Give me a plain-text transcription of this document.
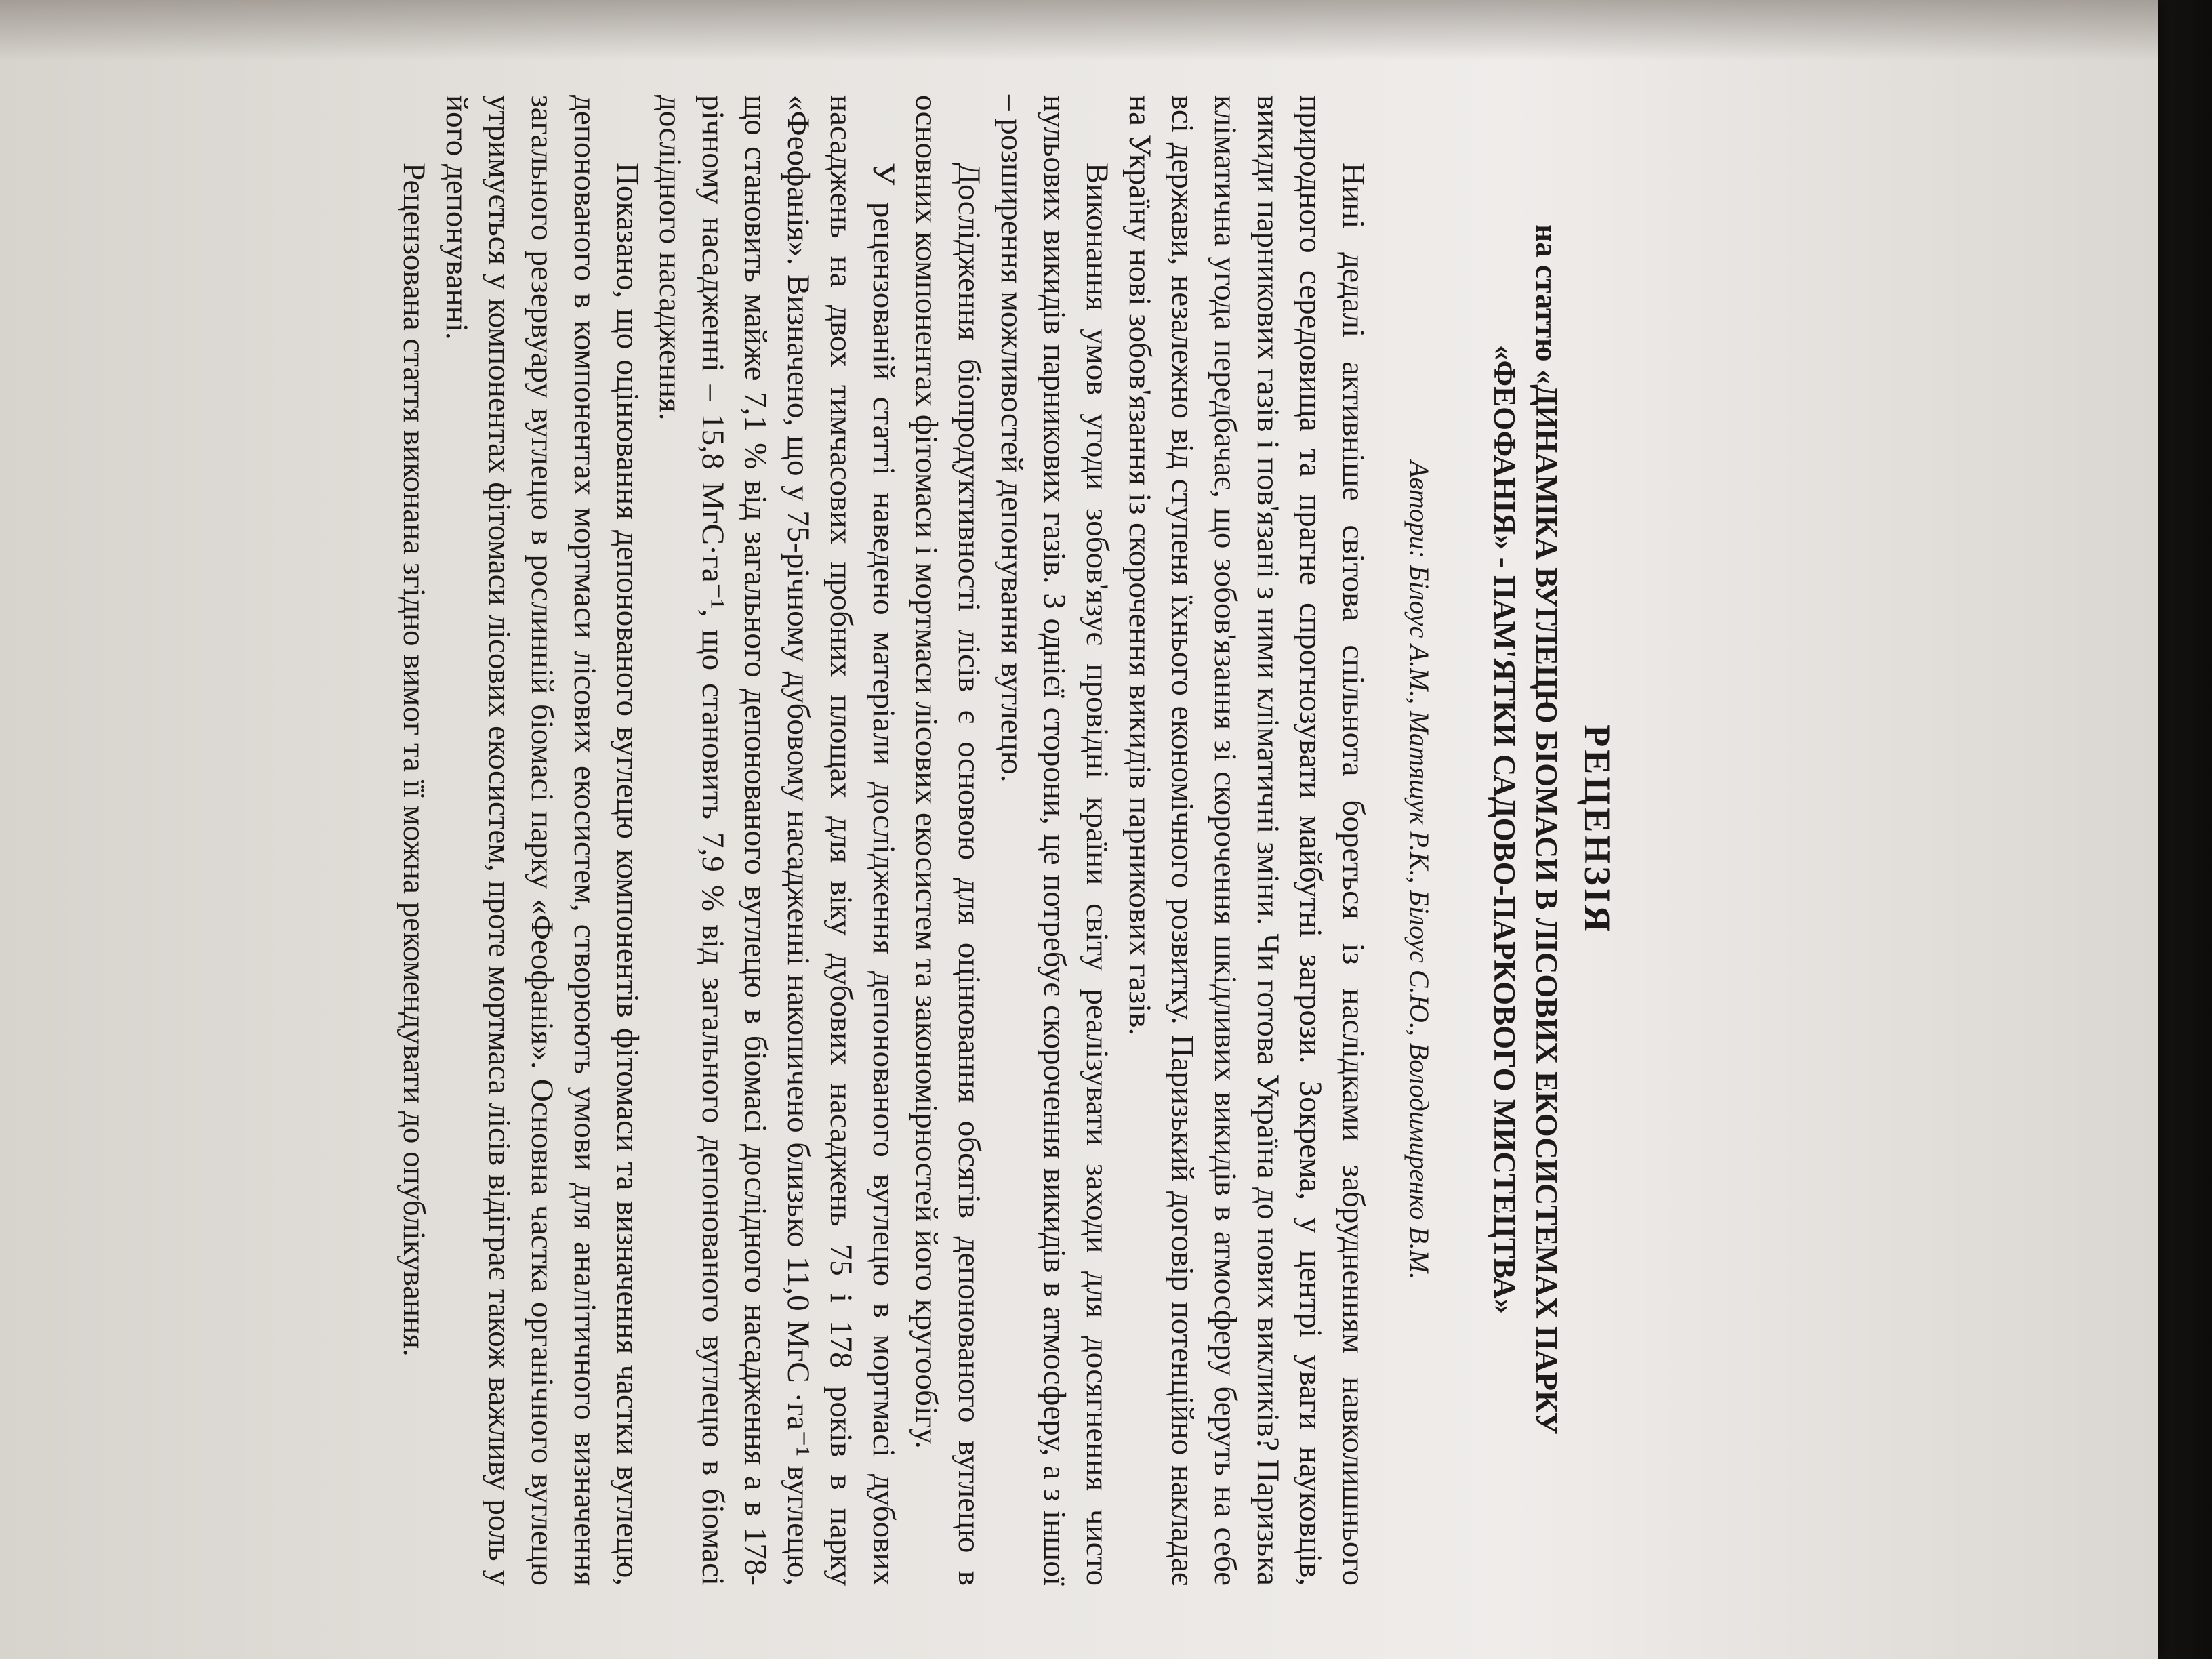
РЕЦЕНЗІЯ
на статтю «ДИНАМІКА ВУГЛЕЦЮ БІОМАСИ В ЛІСОВИХ ЕКОСИСТЕМАХ ПАРКУ «ФЕОФАНІЯ» - ПАМ'ЯТКИ САДОВО-ПАРКОВОГО МИСТЕЦТВА»
Автори: Білоус А.М., Матяшук Р.К., Білоус С.Ю., Володимиренко В.М.

Нині дедалі активніше світова спільнота бореться із наслідками забрудненням навколишнього природного середовища та прагне спрогнозувати майбутні загрози. Зокрема, у центрі уваги науковців, викиди парникових газів і пов'язані з ними кліматичні зміни. Чи готова Україна до нових викликів? Паризька кліматична угода передбачає, що зобов'язання зі скорочення шкідливих викидів в атмосферу беруть на себе всі держави, незалежно від ступеня їхнього економічного розвитку. Паризький договір потенційно накладає на Україну нові зобов'язання із скорочення викидів парникових газів.

Виконання умов угоди зобов'язує провідні країни світу реалізувати заходи для досягнення чисто нульових викидів парникових газів. З однієї сторони, це потребує скорочення викидів в атмосферу, а з іншої – розширення можливостей депонування вуглецю.

Дослідження біопродуктивності лісів є основою для оцінювання обсягів депонованого вуглецю в основних компонентах фітомаси і мортмаси лісових екосистем та закономірностей його кругообігу.

У рецензованій статті наведено матеріали дослідження депонованого вуглецю в мортмасі дубових насаджень на двох тимчасових пробних площах для віку дубових насаджень 75 і 178 років в парку «Феофанія». Визначено, що у 75-річному дубовому насадженні накопичено близько 11,0 МгС ·га⁻¹ вуглецю, що становить майже 7,1 % від загального депонованого вуглецю в біомасі дослідного насадження а в 178-річному насадженні – 15,8 МгС·га⁻¹, що становить 7,9 % від загального депонованого вуглецю в біомасі дослідного насадження.

Показано, що оцінювання депонованого вуглецю компонентів фітомаси та визначення частки вуглецю, депонованого в компонентах мортмаси лісових екосистем, створюють умови для аналітичного визначення загального резервуару вуглецю в рослинній біомасі парку «Феофанія». Основна частка органічного вуглецю утримується у компонентах фітомаси лісових екосистем, проте мортмаса лісів відіграє також важливу роль у його депонуванні.

Рецензована стаття виконана згідно вимог та її можна рекомендувати до опублікування.
